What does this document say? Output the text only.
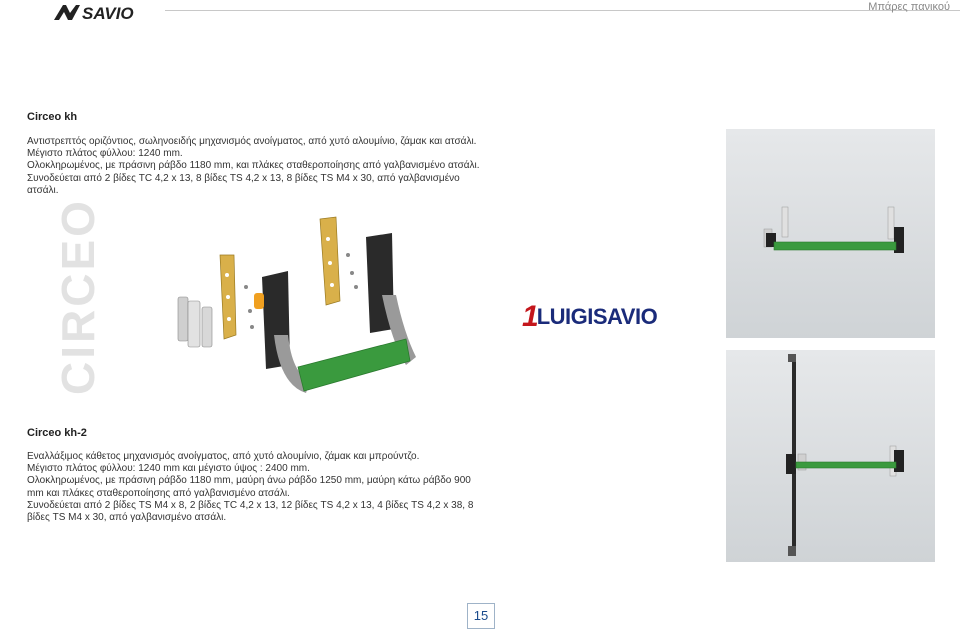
SAVIO	Μπάρες πανικού
Circeo kh

Αντιστρεπτός οριζόντιος, σωληνοειδής μηχανισμός ανοίγματος, από χυτό αλουμίνιο, ζάμακ και ατσάλι.
Μέγιστο πλάτος φύλλου: 1240 mm.
Ολοκληρωμένος, με πράσινη ράβδο 1180 mm, και πλάκες σταθεροποίησης από γαλβανισμένο ατσάλι.
Συνοδεύεται από 2 βίδες TC 4,2 x 13, 8 βίδες TS 4,2 x 13, 8 βίδες TS M4 x 30, από γαλβανισμένο
ατσάλι.

CIRCEO	1
LUIGISAVIO
Circeo kh-2

Εναλλάξιμος κάθετος μηχανισμός ανοίγματος, από χυτό αλουμίνιο, ζάμακ και μπρούντζο.
Μέγιστο πλάτος φύλλου: 1240 mm και μέγιστο ύψος : 2400 mm.
Ολοκληρωμένος, με πράσινη ράβδο 1180 mm, μαύρη άνω ράβδο 1250 mm, μαύρη κάτω ράβδο 900
mm και πλάκες σταθεροποίησης από γαλβανισμένο ατσάλι.
Συνοδεύεται από 2 βίδες TS M4 x 8, 2 βίδες TC 4,2 x 13, 12 βίδες TS 4,2 x 13, 4 βίδες TS 4,2 x 38, 8
βίδες TS M4 x 30, από γαλβανισμένο ατσάλι.

15
